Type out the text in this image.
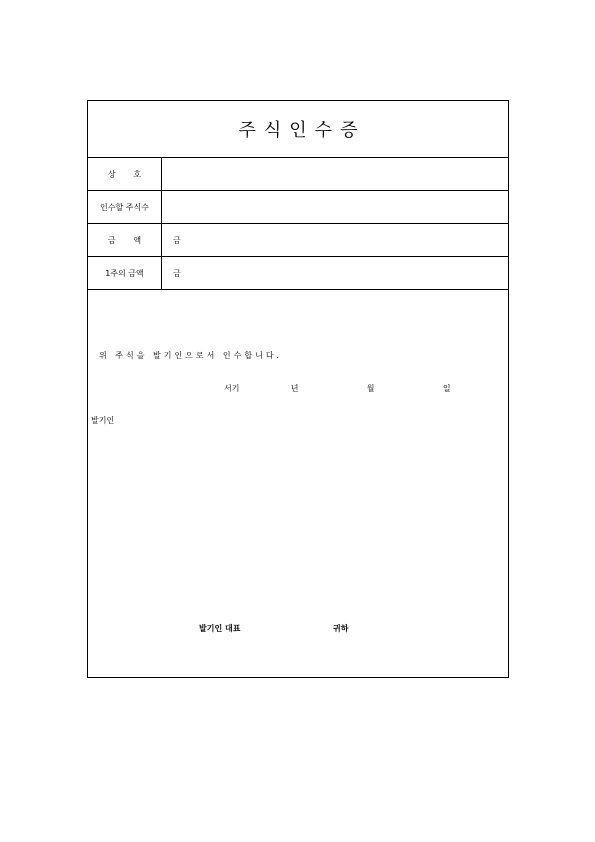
주식인수증
상       호
인수할 주식수
금       액	금
1주의 금액	금
위 주식을 발기인으로서 인수합니다.
서기      년        월        일
발기인
발기인 대표	귀하
